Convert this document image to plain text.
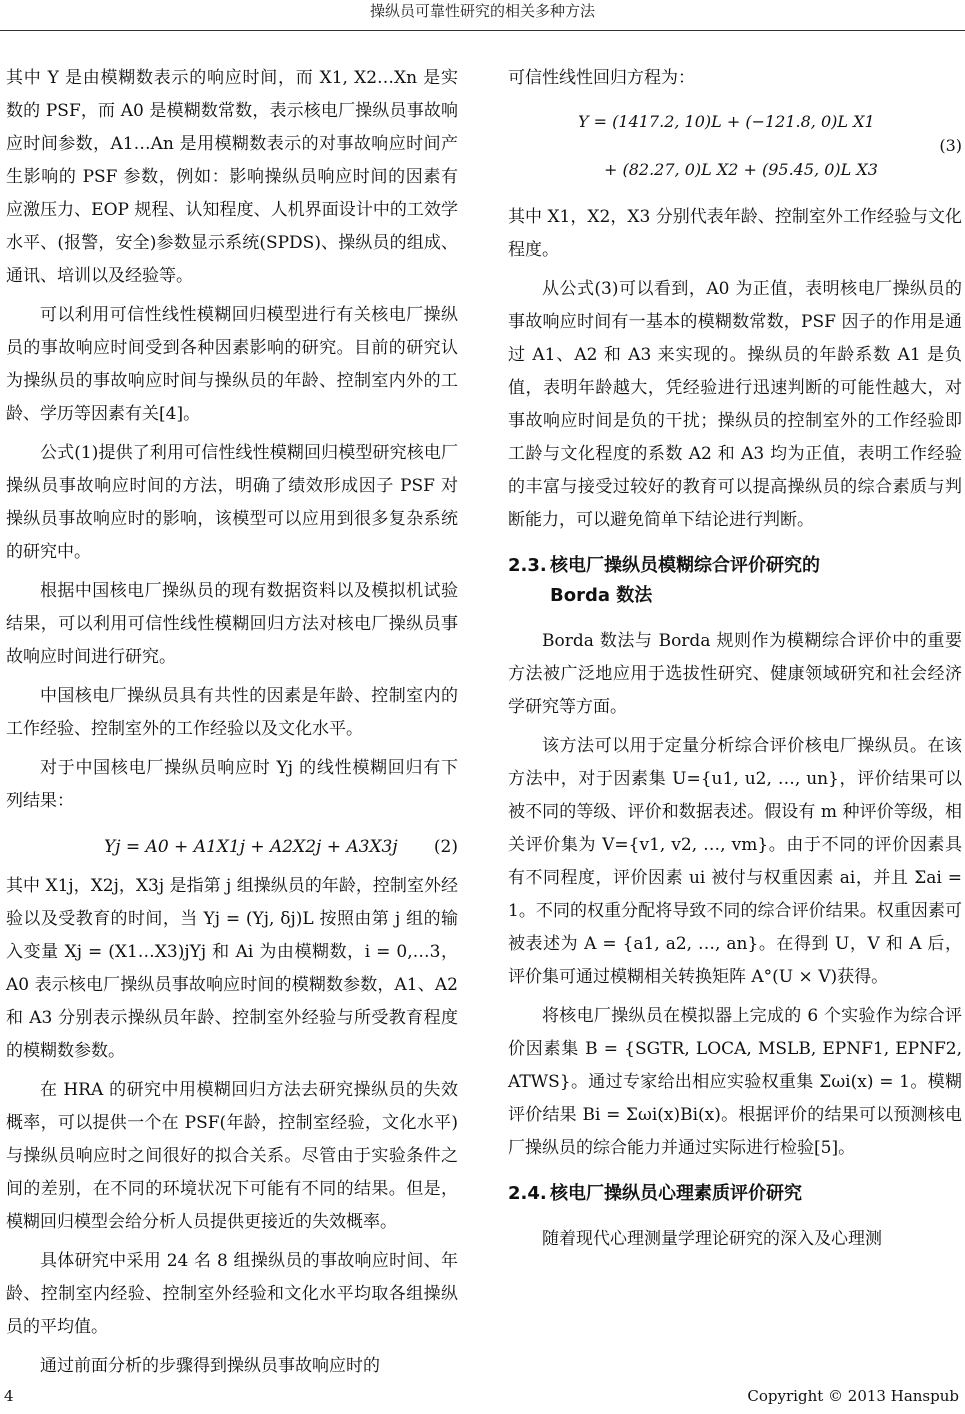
操纵员可靠性研究的相关多种方法

其中 Y 是由模糊数表示的响应时间，而 X1, X2…Xn 是实数的 PSF，而 A0 是模糊数常数，表示核电厂操纵员事故响应时间参数，A1…An 是用模糊数表示的对事故响应时间产生影响的 PSF 参数，例如：影响操纵员响应时间的因素有应激压力、EOP 规程、认知程度、人机界面设计中的工效学水平、(报警，安全)参数显示系统(SPDS)、操纵员的组成、通讯、培训以及经验等。

可以利用可信性线性模糊回归模型进行有关核电厂操纵员的事故响应时间受到各种因素影响的研究。目前的研究认为操纵员的事故响应时间与操纵员的年龄、控制室内外的工龄、学历等因素有关[4]。

公式(1)提供了利用可信性线性模糊回归模型研究核电厂操纵员事故响应时间的方法，明确了绩效形成因子 PSF 对操纵员事故响应时的影响，该模型可以应用到很多复杂系统的研究中。

根据中国核电厂操纵员的现有数据资料以及模拟机试验结果，可以利用可信性线性模糊回归方法对核电厂操纵员事故响应时间进行研究。

中国核电厂操纵员具有共性的因素是年龄、控制室内的工作经验、控制室外的工作经验以及文化水平。

对于中国核电厂操纵员响应时 Yj 的线性模糊回归有下列结果：

Yj = A0 + A1X1j + A2X2j + A3X3j (2)

其中 X1j，X2j，X3j 是指第 j 组操纵员的年龄，控制室外经验以及受教育的时间，当 Yj = (Yj, δj)L 按照由第 j 组的输入变量 Xj = (X1…X3)jYj 和 Ai 为由模糊数，i = 0,…3，A0 表示核电厂操纵员事故响应时间的模糊数参数，A1、A2 和 A3 分别表示操纵员年龄、控制室外经验与所受教育程度的模糊数参数。

在 HRA 的研究中用模糊回归方法去研究操纵员的失效概率，可以提供一个在 PSF(年龄，控制室经验，文化水平)与操纵员响应时之间很好的拟合关系。尽管由于实验条件之间的差别，在不同的环境状况下可能有不同的结果。但是，模糊回归模型会给分析人员提供更接近的失效概率。

具体研究中采用 24 名 8 组操纵员的事故响应时间、年龄、控制室内经验、控制室外经验和文化水平均取各组操纵员的平均值。

通过前面分析的步骤得到操纵员事故响应时的

可信性线性回归方程为：

Y = (1417.2, 10)L + (−121.8, 0)L X1
+ (82.27, 0)L X2 + (95.45, 0)L X3
(3)

其中 X1，X2，X3 分别代表年龄、控制室外工作经验与文化程度。

从公式(3)可以看到，A0 为正值，表明核电厂操纵员的事故响应时间有一基本的模糊数常数，PSF 因子的作用是通过 A1、A2 和 A3 来实现的。操纵员的年龄系数 A1 是负值，表明年龄越大，凭经验进行迅速判断的可能性越大，对事故响应时间是负的干扰；操纵员的控制室外的工作经验即工龄与文化程度的系数 A2 和 A3 均为正值，表明工作经验的丰富与接受过较好的教育可以提高操纵员的综合素质与判断能力，可以避免简单下结论进行判断。

2.3. 核电厂操纵员模糊综合评价研究的
Borda 数法

Borda 数法与 Borda 规则作为模糊综合评价中的重要方法被广泛地应用于选拔性研究、健康领域研究和社会经济学研究等方面。

该方法可以用于定量分析综合评价核电厂操纵员。在该方法中，对于因素集 U={u1, u2, …, un}，评价结果可以被不同的等级、评价和数据表述。假设有 m 种评价等级，相关评价集为 V={v1, v2, …, vm}。由于不同的评价因素具有不同程度，评价因素 ui 被付与权重因素 ai，并且 Σai = 1。不同的权重分配将导致不同的综合评价结果。权重因素可被表述为 A = {a1, a2, …, an}。在得到 U，V 和 A 后，评价集可通过模糊相关转换矩阵 A°(U × V)获得。

将核电厂操纵员在模拟器上完成的 6 个实验作为综合评价因素集 B = {SGTR, LOCA, MSLB, EPNF1, EPNF2, ATWS}。通过专家给出相应实验权重集 Σωi(x) = 1。模糊评价结果 Bi = Σωi(x)Bi(x)。根据评价的结果可以预测核电厂操纵员的综合能力并通过实际进行检验[5]。

2.4. 核电厂操纵员心理素质评价研究

随着现代心理测量学理论研究的深入及心理测

4	Copyright © 2013 Hanspub
